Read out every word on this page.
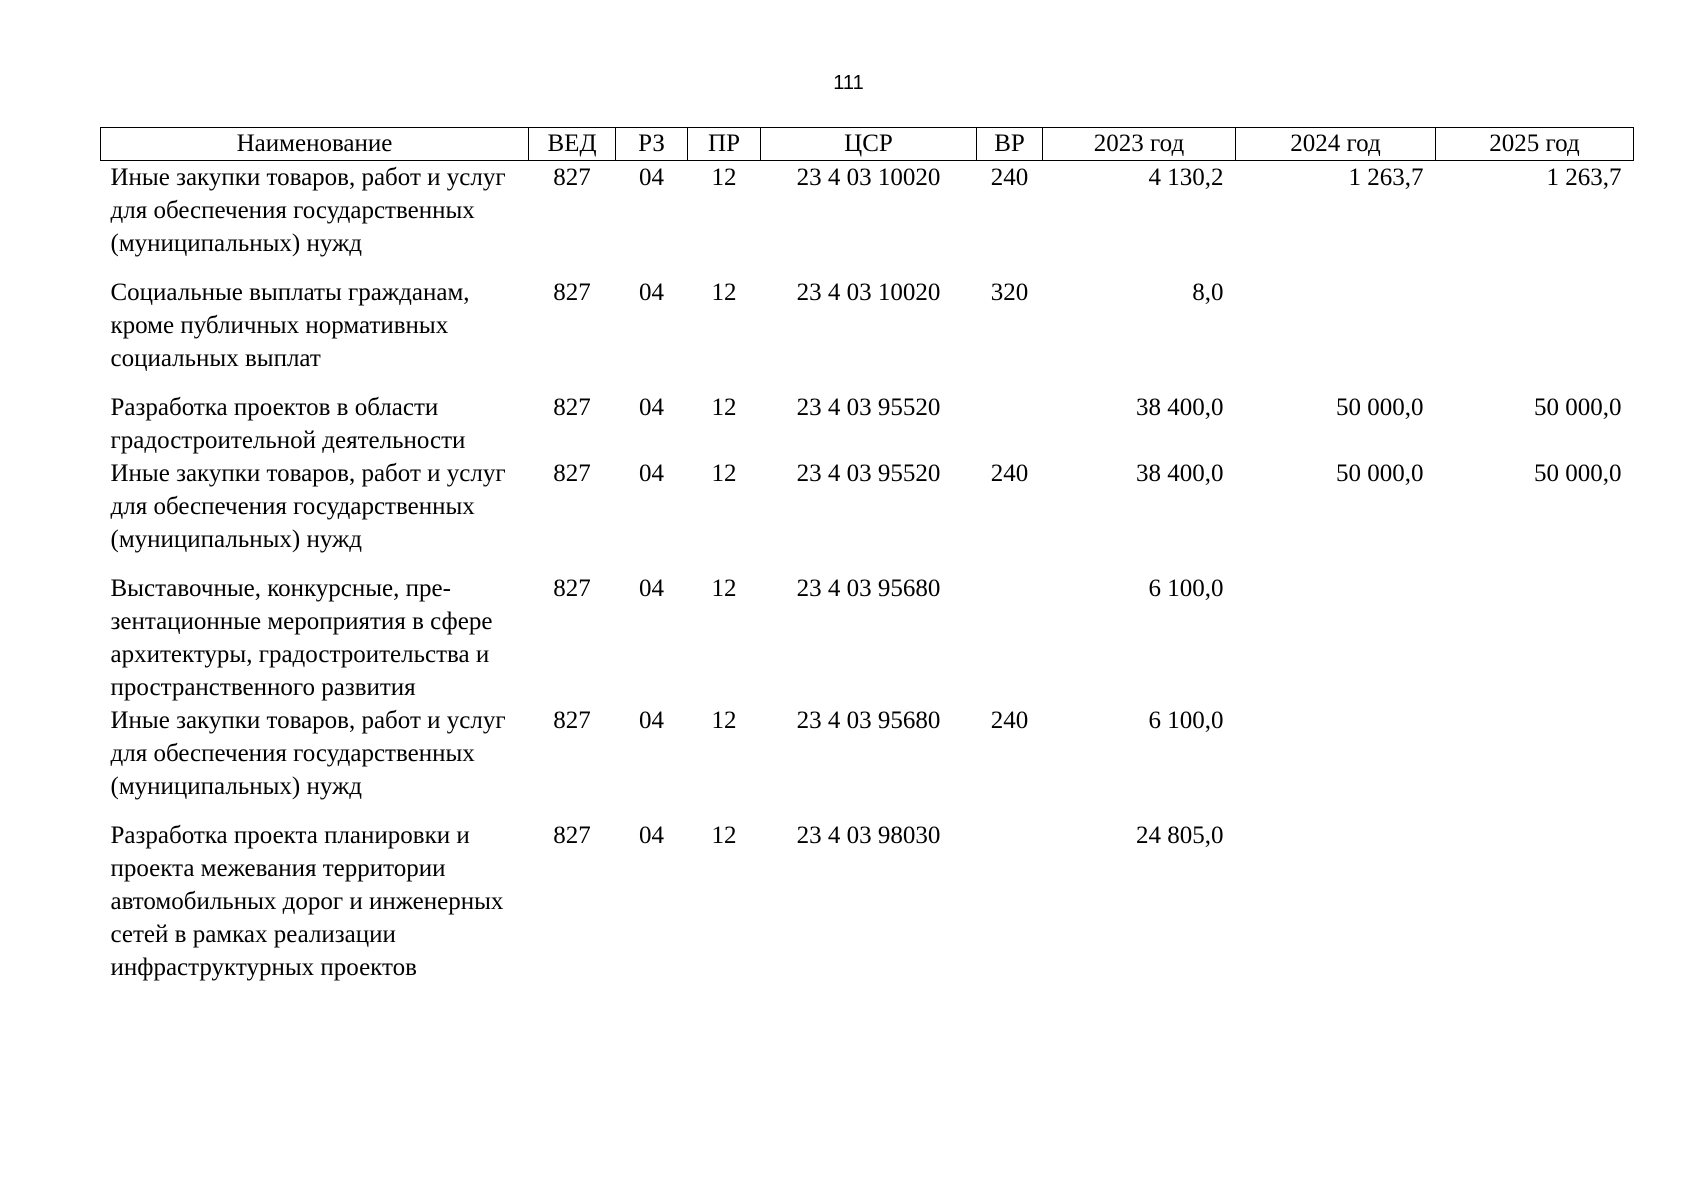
111
Наименование	ВЕД	РЗ	ПР	ЦСР	ВР	2023 год	2024 год	2025 год
Иные закупки товаров, работ и услуг для обеспечения государственных (муниципальных) нужд	827	04	12	23 4 03 10020	240	4 130,2	1 263,7	1 263,7
Социальные выплаты гражданам, кроме публичных нормативных социальных выплат	827	04	12	23 4 03 10020	320	8,0		
Разработка проектов в области градостроительной деятельности	827	04	12	23 4 03 95520		38 400,0	50 000,0	50 000,0
Иные закупки товаров, работ и услуг для обеспечения государственных (муниципальных) нужд	827	04	12	23 4 03 95520	240	38 400,0	50 000,0	50 000,0
Выставочные, конкурсные, презентационные мероприятия в сфере архитектуры, градостроительства и пространственного развития	827	04	12	23 4 03 95680		6 100,0		
Иные закупки товаров, работ и услуг для обеспечения государственных (муниципальных) нужд	827	04	12	23 4 03 95680	240	6 100,0		
Разработка проекта планировки и проекта межевания территории автомобильных дорог и инженерных сетей в рамках реализации инфраструктурных проектов	827	04	12	23 4 03 98030		24 805,0		
